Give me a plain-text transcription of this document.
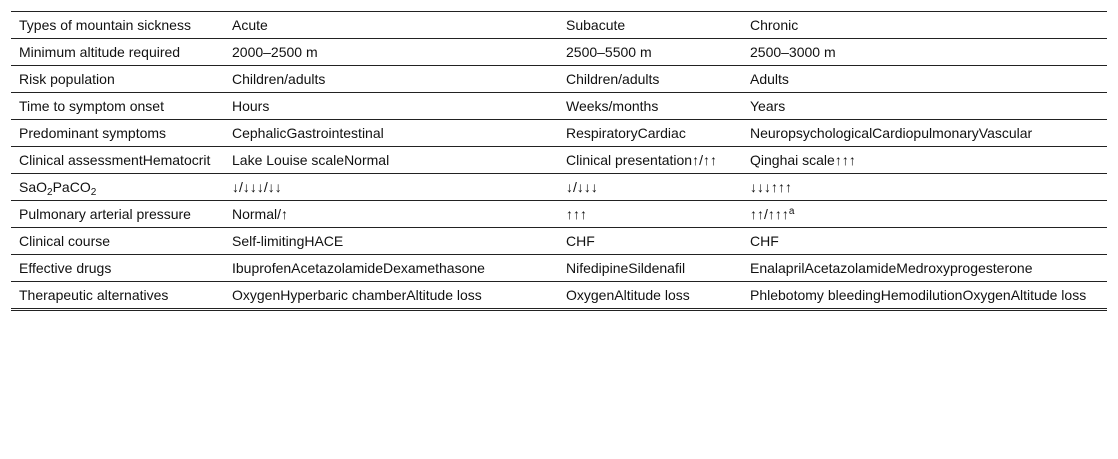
Types of mountain sickness	Acute	Subacute	Chronic
Minimum altitude required	2000–2500 m	2500–5500 m	2500–3000 m
Risk population	Children/adults	Children/adults	Adults
Time to symptom onset	Hours	Weeks/months	Years
Predominant symptoms	CephalicGastrointestinal	RespiratoryCardiac	NeuropsychologicalCardiopulmonaryVascular
Clinical assessmentHematocrit	Lake Louise scaleNormal	Clinical presentation↑/↑↑	Qinghai scale↑↑↑
SaO$_2$PaCO$_2$	↓/↓↓↓/↓↓	↓/↓↓↓	↓↓↓↑↑↑
Pulmonary arterial pressure	Normal/↑	↑↑↑	↑↑/↑↑↑$^a$
Clinical course	Self-limitingHACE	CHF	CHF
Effective drugs	IbuprofenAcetazolamideDexamethasone	NifedipineSildenafil	EnalaprilAcetazolamideMedroxyprogesterone
Therapeutic alternatives	OxygenHyperbaric chamberAltitude loss	OxygenAltitude loss	Phlebotomy bleedingHemodilutionOxygenAltitude loss
